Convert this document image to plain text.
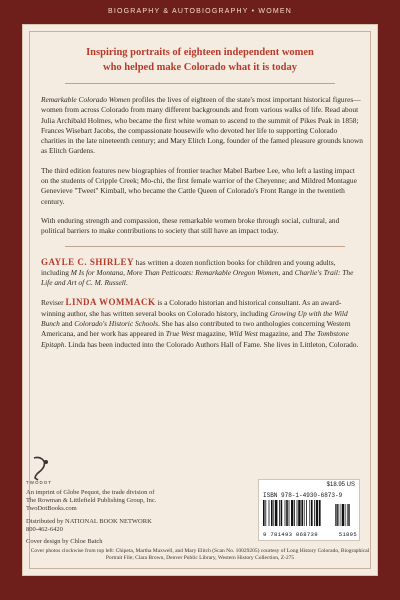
BIOGRAPHY & AUTOBIOGRAPHY • WOMEN
Inspiring portraits of eighteen independent women
who helped make Colorado what it is today

Remarkable Colorado Women profiles the lives of eighteen of the state's most important historical figures—women from across Colorado from many different backgrounds and from various walks of life. Read about Julia Archibald Holmes, who became the first white woman to ascend to the summit of Pikes Peak in 1858; Frances Wisebart Jacobs, the compassionate housewife who devoted her life to supporting Colorado charities in the late nineteenth century; and Mary Elitch Long, founder of the famed pleasure grounds known as Elitch Gardens.

The third edition features new biographies of frontier teacher Mabel Barbee Lee, who left a lasting impact on the students of Cripple Creek; Mo-chi, the first female warrior of the Cheyenne; and Mildred Montague Genevieve "Tweet" Kimball, who became the Cattle Queen of Colorado's Front Range in the twentieth century.

With enduring strength and compassion, these remarkable women broke through social, cultural, and political barriers to make contributions to society that still have an impact today.

GAYLE C. SHIRLEY has written a dozen nonfiction books for children and young adults, including M Is for Montana, More Than Petticoats: Remarkable Oregon Women, and Charlie's Trail: The Life and Art of C. M. Russell.

Reviser LINDA WOMMACK is a Colorado historian and historical consultant. As an award-winning author, she has written several books on Colorado history, including Growing Up with the Wild Bunch and Colorado's Historic Schools. She has also contributed to two anthologies concerning Western Americana, and her work has appeared in True West magazine, Wild West magazine, and The Tombstone Epitaph. Linda has been inducted into the Colorado Authors Hall of Fame. She lives in Littleton, Colorado.

TWODOT
An imprint of Globe Pequot, the trade division of
The Rowman & Littlefield Publishing Group, Inc.
TwoDotBooks.com
Distributed by NATIONAL BOOK NETWORK
800-462-6420
Cover design by Chloe Batch
$18.95 US
ISBN 978-1-4930-6873-9
9 781493 068739	51895
Cover photos clockwise from top left: Chipeta, Martha Maxwell, and Mary Elitch (Scan No. 10029205) courtesy of Long History Colorado, Biographical Portrait File; Clara Brown, Denver Public Library, Western History Collection, Z-275
